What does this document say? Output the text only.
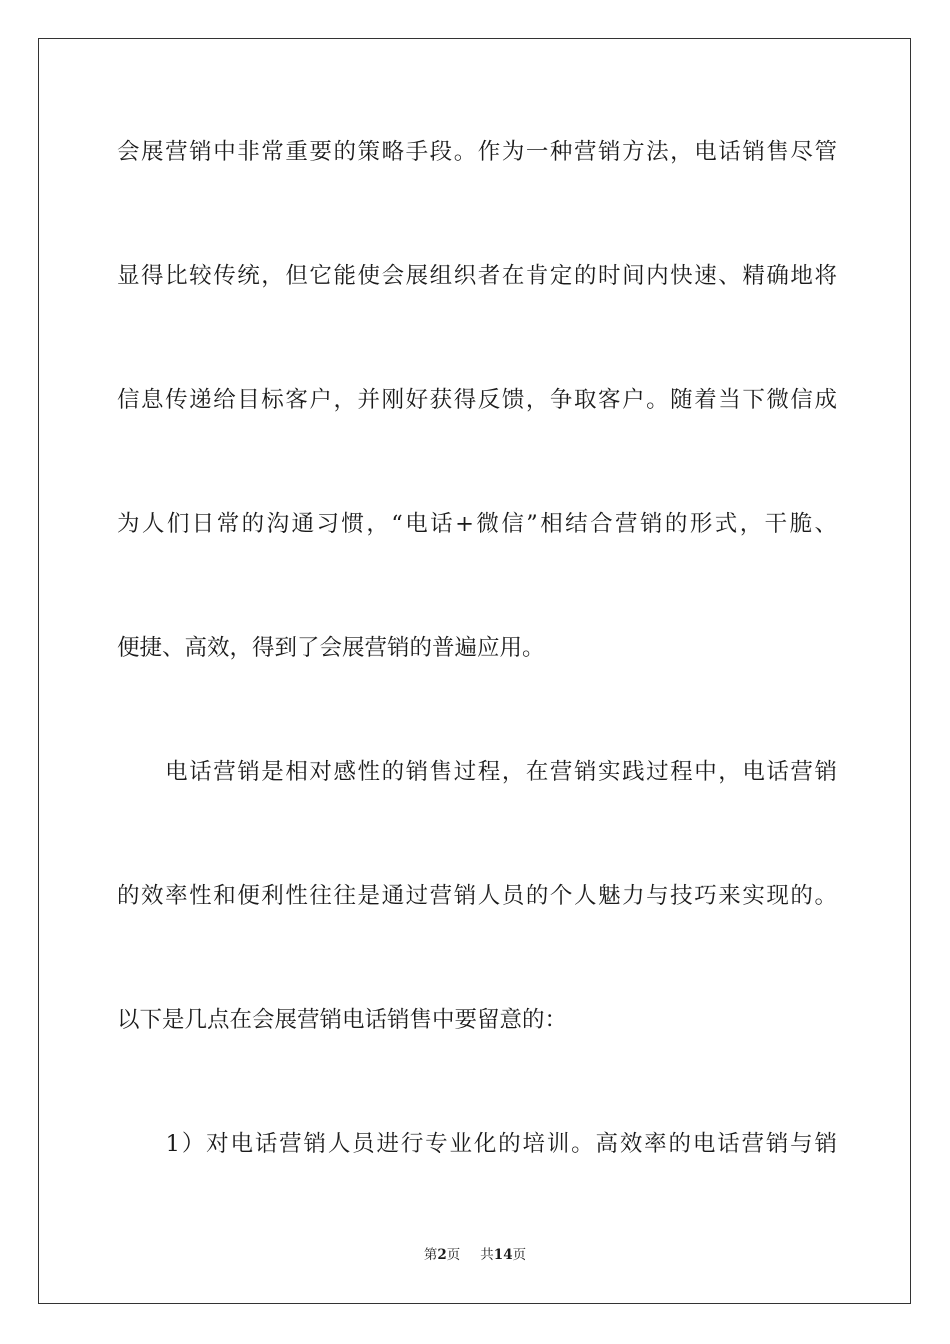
会展营销中非常重要的策略手段。作为一种营销方法，电话销售尽管
显得比较传统，但它能使会展组织者在肯定的时间内快速、精确地将
信息传递给目标客户，并刚好获得反馈，争取客户。随着当下微信成
为人们日常的沟通习惯，“电话+微信”相结合营销的形式，干脆、
便捷、高效，得到了会展营销的普遍应用。
　　电话营销是相对感性的销售过程，在营销实践过程中，电话营销
的效率性和便利性往往是通过营销人员的个人魅力与技巧来实现的。
以下是几点在会展营销电话销售中要留意的：
　　1）对电话营销人员进行专业化的培训。高效率的电话营销与销
第2页 共14页
